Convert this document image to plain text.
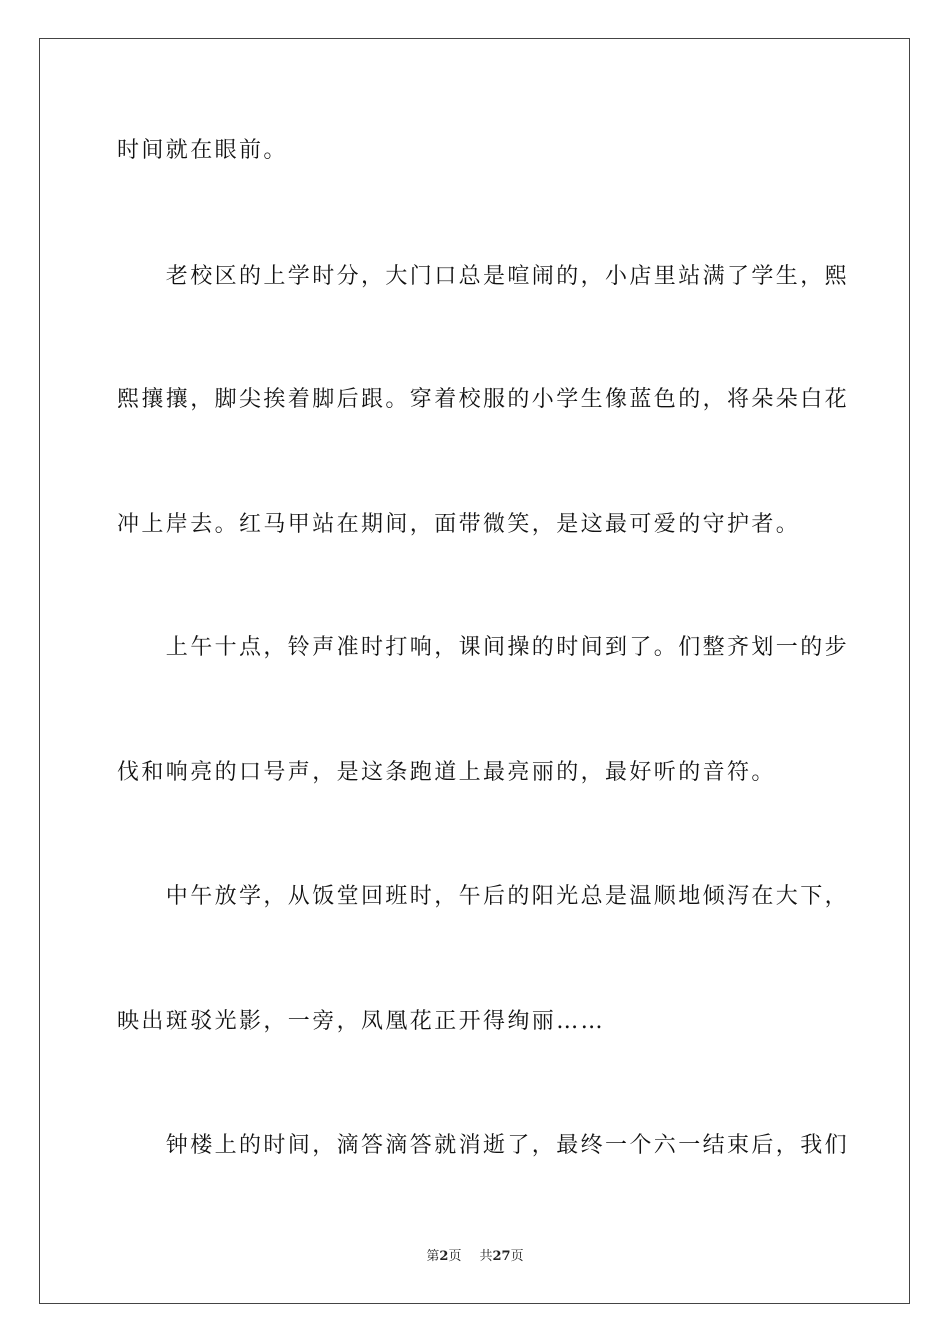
时间就在眼前。

　　老校区的上学时分，大门口总是喧闹的，小店里站满了学生，熙

熙攘攘，脚尖挨着脚后跟。穿着校服的小学生像蓝色的，将朵朵白花

冲上岸去。红马甲站在期间，面带微笑，是这最可爱的守护者。

　　上午十点，铃声准时打响，课间操的时间到了。们整齐划一的步

伐和响亮的口号声，是这条跑道上最亮丽的，最好听的音符。

　　中午放学，从饭堂回班时，午后的阳光总是温顺地倾泻在大下，

映出斑驳光影，一旁，凤凰花正开得绚丽……

　　钟楼上的时间，滴答滴答就消逝了，最终一个六一结束后，我们

第2页 共27页
